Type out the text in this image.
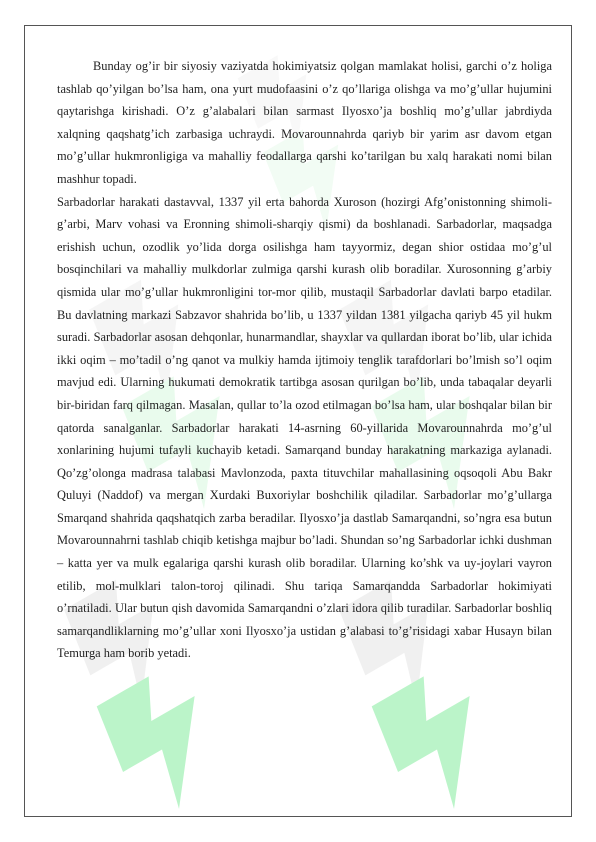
Bunday og’ir bir siyosiy vaziyatda hokimiyatsiz qolgan mamlakat holisi, garchi o’z holiga tashlab qo’yilgan bo’lsa ham, ona yurt mudofaasini o’z qo’llariga olishga va mo’g’ullar hujumini qaytarishga kirishadi. O’z g’alabalari bilan sarmast Ilyosxo’ja boshliq mo’g’ullar jabrdiyda xalqning qaqshatg’ich zarbasiga uchraydi. Movarounnahrda qariyb bir yarim asr davom etgan mo’g’ullar hukmronligiga va mahalliy feodallarga qarshi ko’tarilgan bu xalq harakati nomi bilan mashhur topadi.

Sarbadorlar harakati dastavval, 1337 yil erta bahorda Xuroson (hozirgi Afg’onistonning shimoli-g’arbi, Marv vohasi va Eronning shimoli-sharqiy qismi) da boshlanadi. Sarbadorlar, maqsadga erishish uchun, ozodlik yo’lida dorga osilishga ham tayyormiz, degan shior ostidaa mo’g’ul bosqinchilari va mahalliy mulkdorlar zulmiga qarshi kurash olib boradilar. Xurosonning g’arbiy qismida ular mo’g’ullar hukmronligini tor-mor qilib, mustaqil Sarbadorlar davlati barpo etadilar. Bu davlatning markazi Sabzavor shahrida bo’lib, u 1337 yildan 1381 yilgacha qariyb 45 yil hukm suradi. Sarbadorlar asosan dehqonlar, hunarmandlar, shayxlar va qullardan iborat bo’lib, ular ichida ikki oqim – mo’tadil o’ng qanot va mulkiy hamda ijtimoiy tenglik tarafdorlari bo’lmish so’l oqim mavjud edi. Ularning hukumati demokratik tartibga asosan qurilgan bo’lib, unda tabaqalar deyarli bir-biridan farq qilmagan. Masalan, qullar to’la ozod etilmagan bo’lsa ham, ular boshqalar bilan bir qatorda sanalganlar. Sarbadorlar harakati 14-asrning 60-yillarida Movarounnahrda mo’g’ul xonlarining hujumi tufayli kuchayib ketadi. Samarqand bunday harakatning markaziga aylanadi. Qo’zg’olonga madrasa talabasi Mavlonzoda, paxta tituvchilar mahallasining oqsoqoli Abu Bakr Quluyi (Naddof) va mergan Xurdaki Buxoriylar boshchilik qiladilar. Sarbadorlar mo’g’ullarga Smarqand shahrida qaqshatqich zarba beradilar. Ilyosxo’ja dastlab Samarqandni, so’ngra esa butun Movarounnahrni tashlab chiqib ketishga majbur bo’ladi. Shundan so’ng Sarbadorlar ichki dushman – katta yer va mulk egalariga qarshi kurash olib boradilar. Ularning ko’shk va uy-joylari vayron etilib, mol-mulklari talon-toroj qilinadi. Shu tariqa Samarqandda Sarbadorlar hokimiyati o’rnatiladi. Ular butun qish davomida Samarqandni o’zlari idora qilib turadilar. Sarbadorlar boshliq samarqandliklarning mo’g’ullar xoni Ilyosxo’ja ustidan g’alabasi to’g’risidagi xabar Husayn bilan Temurga ham borib yetadi.
